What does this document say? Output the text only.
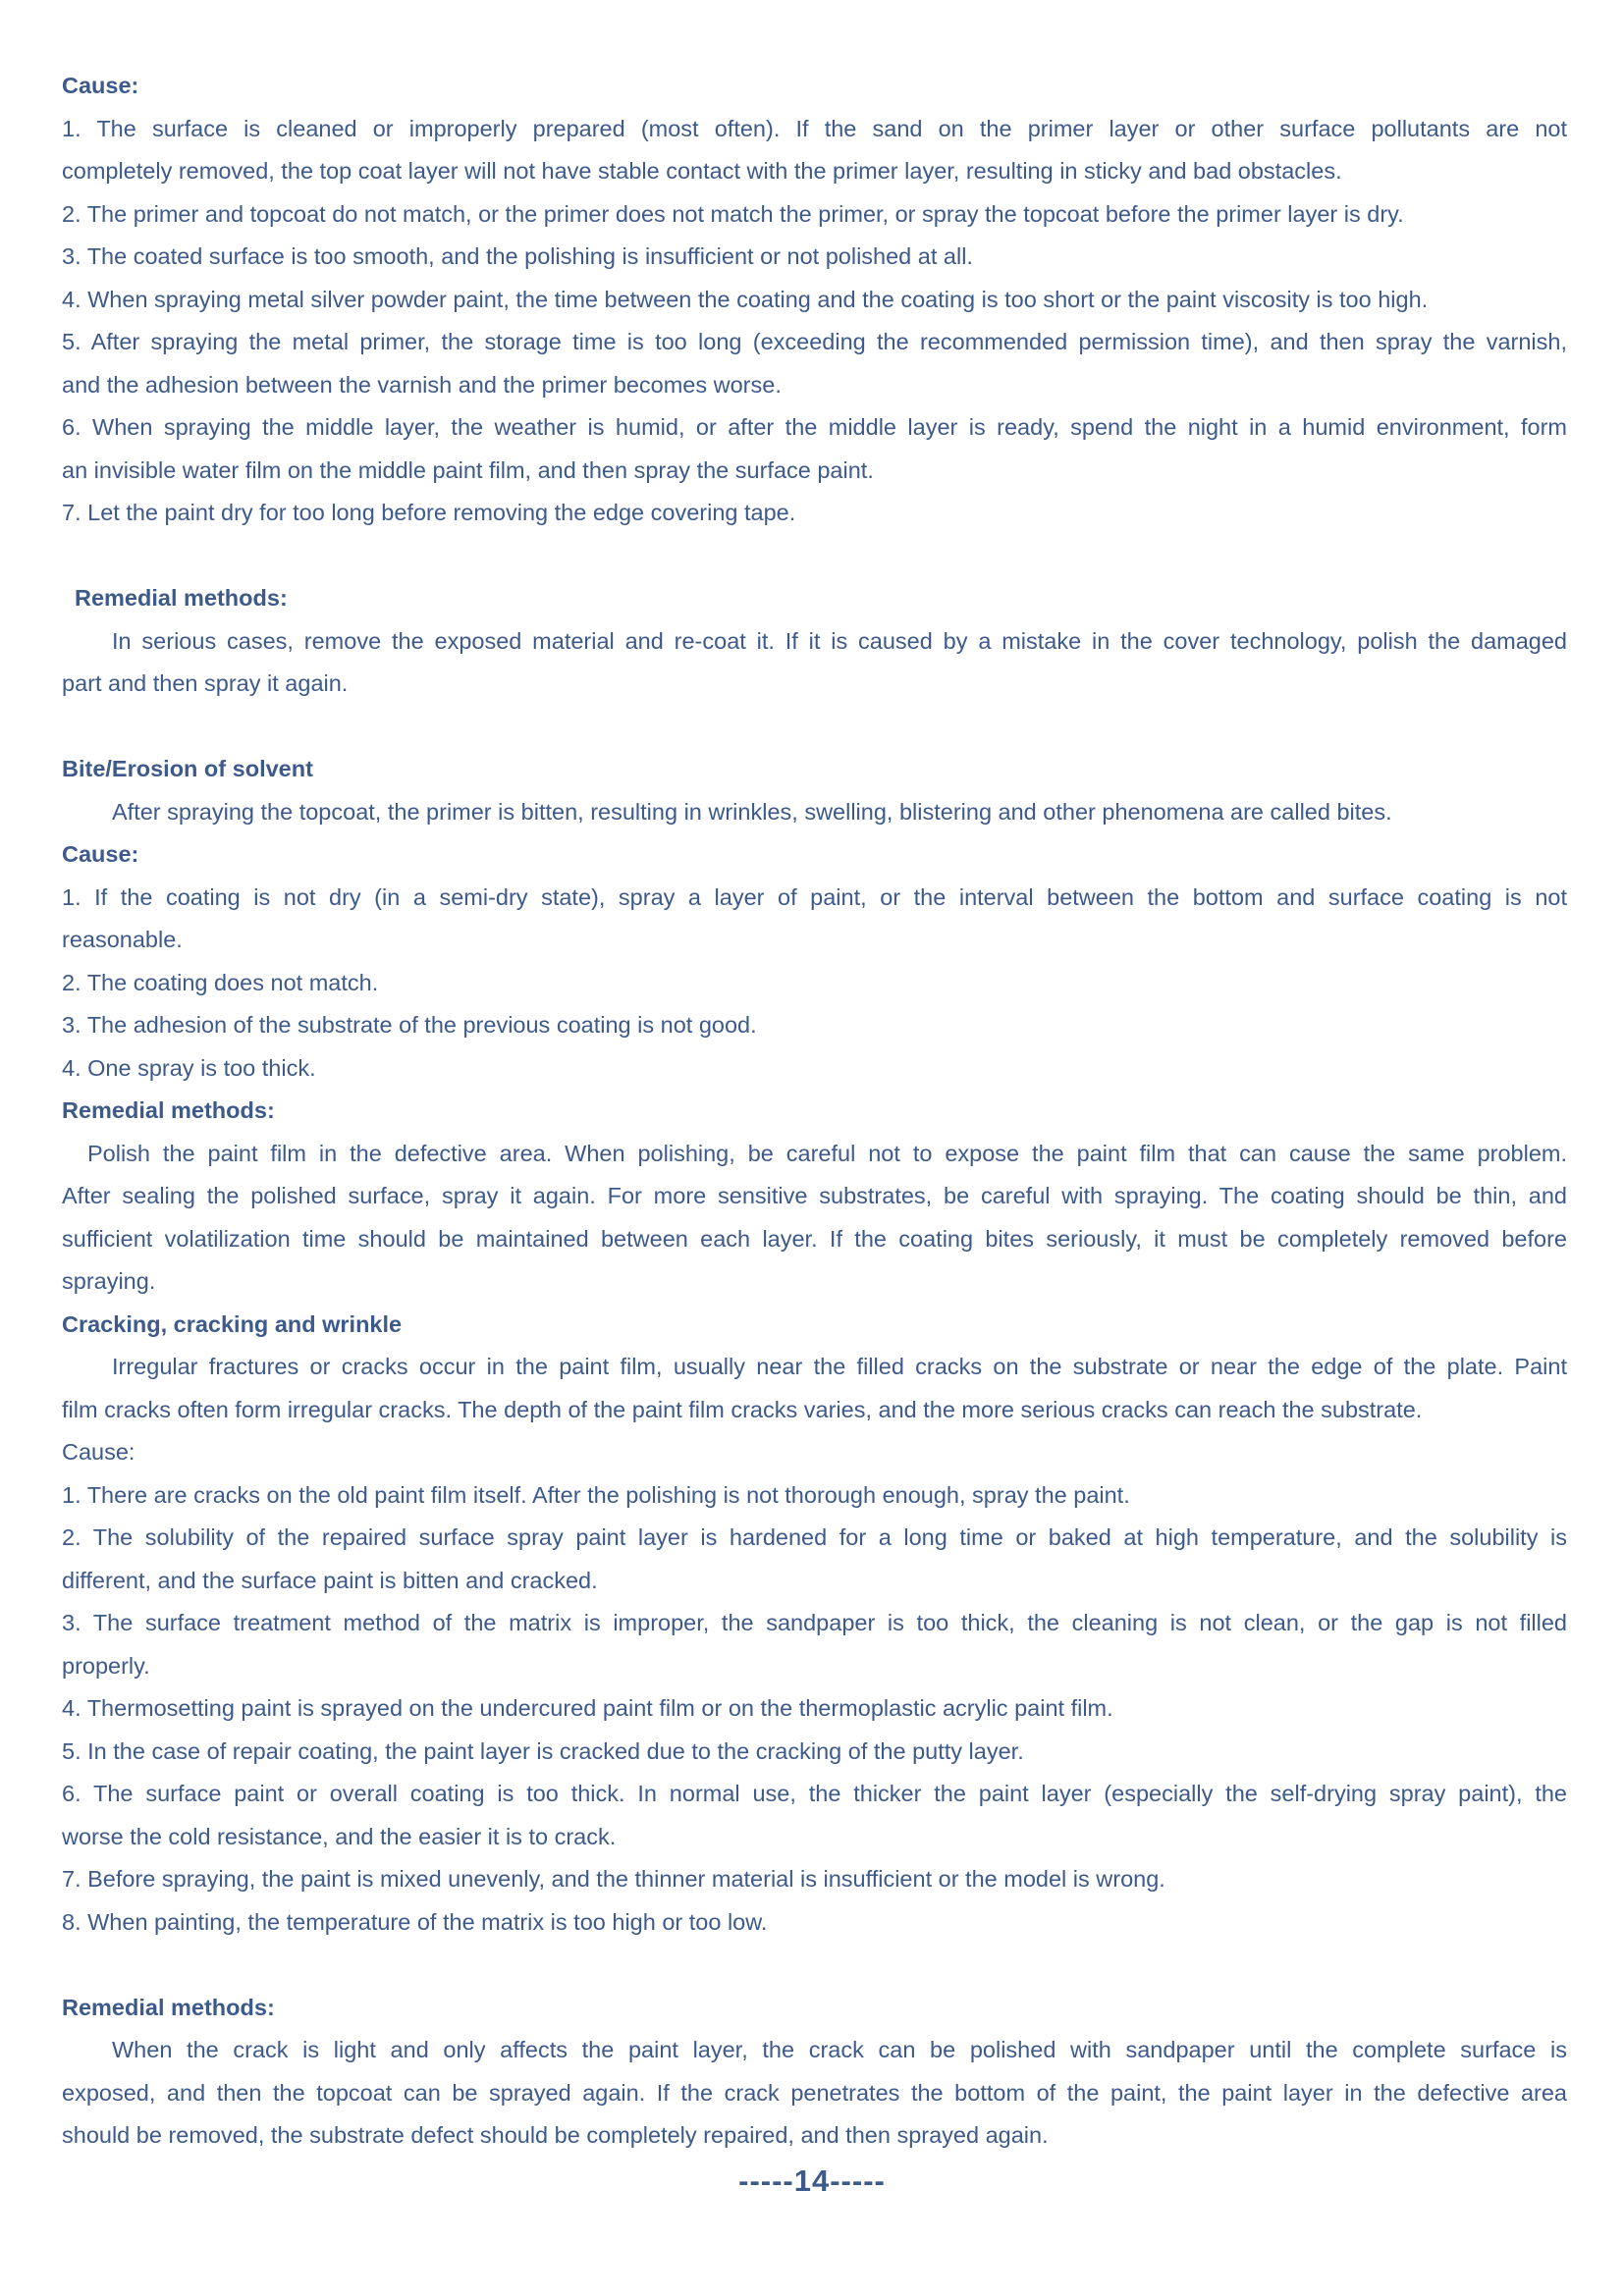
Cause:
1. The surface is cleaned or improperly prepared (most often). If the sand on the primer layer or other surface pollutants are not
completely removed, the top coat layer will not have stable contact with the primer layer, resulting in sticky and bad obstacles.
2. The primer and topcoat do not match, or the primer does not match the primer, or spray the topcoat before the primer layer is dry.
3. The coated surface is too smooth, and the polishing is insufficient or not polished at all.
4. When spraying metal silver powder paint, the time between the coating and the coating is too short or the paint viscosity is too high.
5. After spraying the metal primer, the storage time is too long (exceeding the recommended permission time), and then spray the varnish,
and the adhesion between the varnish and the primer becomes worse.
6. When spraying the middle layer, the weather is humid, or after the middle layer is ready, spend the night in a humid environment, form
an invisible water film on the middle paint film, and then spray the surface paint.
7. Let the paint dry for too long before removing the edge covering tape.
Remedial methods:
In serious cases, remove the exposed material and re-coat it. If it is caused by a mistake in the cover technology, polish the damaged
part and then spray it again.
Bite/Erosion of solvent
After spraying the topcoat, the primer is bitten, resulting in wrinkles, swelling, blistering and other phenomena are called bites.
Cause:
1. If the coating is not dry (in a semi-dry state), spray a layer of paint, or the interval between the bottom and surface coating is not
reasonable.
2. The coating does not match.
3. The adhesion of the substrate of the previous coating is not good.
4. One spray is too thick.
Remedial methods:
Polish the paint film in the defective area. When polishing, be careful not to expose the paint film that can cause the same problem.
After sealing the polished surface, spray it again. For more sensitive substrates, be careful with spraying. The coating should be thin, and
sufficient volatilization time should be maintained between each layer. If the coating bites seriously, it must be completely removed before
spraying.
Cracking, cracking and wrinkle
Irregular fractures or cracks occur in the paint film, usually near the filled cracks on the substrate or near the edge of the plate. Paint
film cracks often form irregular cracks. The depth of the paint film cracks varies, and the more serious cracks can reach the substrate.
Cause:
1. There are cracks on the old paint film itself. After the polishing is not thorough enough, spray the paint.
2. The solubility of the repaired surface spray paint layer is hardened for a long time or baked at high temperature, and the solubility is
different, and the surface paint is bitten and cracked.
3. The surface treatment method of the matrix is improper, the sandpaper is too thick, the cleaning is not clean, or the gap is not filled
properly.
4. Thermosetting paint is sprayed on the undercured paint film or on the thermoplastic acrylic paint film.
5. In the case of repair coating, the paint layer is cracked due to the cracking of the putty layer.
6. The surface paint or overall coating is too thick. In normal use, the thicker the paint layer (especially the self-drying spray paint), the
worse the cold resistance, and the easier it is to crack.
7. Before spraying, the paint is mixed unevenly, and the thinner material is insufficient or the model is wrong.
8. When painting, the temperature of the matrix is too high or too low.
Remedial methods:
When the crack is light and only affects the paint layer, the crack can be polished with sandpaper until the complete surface is
exposed, and then the topcoat can be sprayed again. If the crack penetrates the bottom of the paint, the paint layer in the defective area
should be removed, the substrate defect should be completely repaired, and then sprayed again.
-----14-----
